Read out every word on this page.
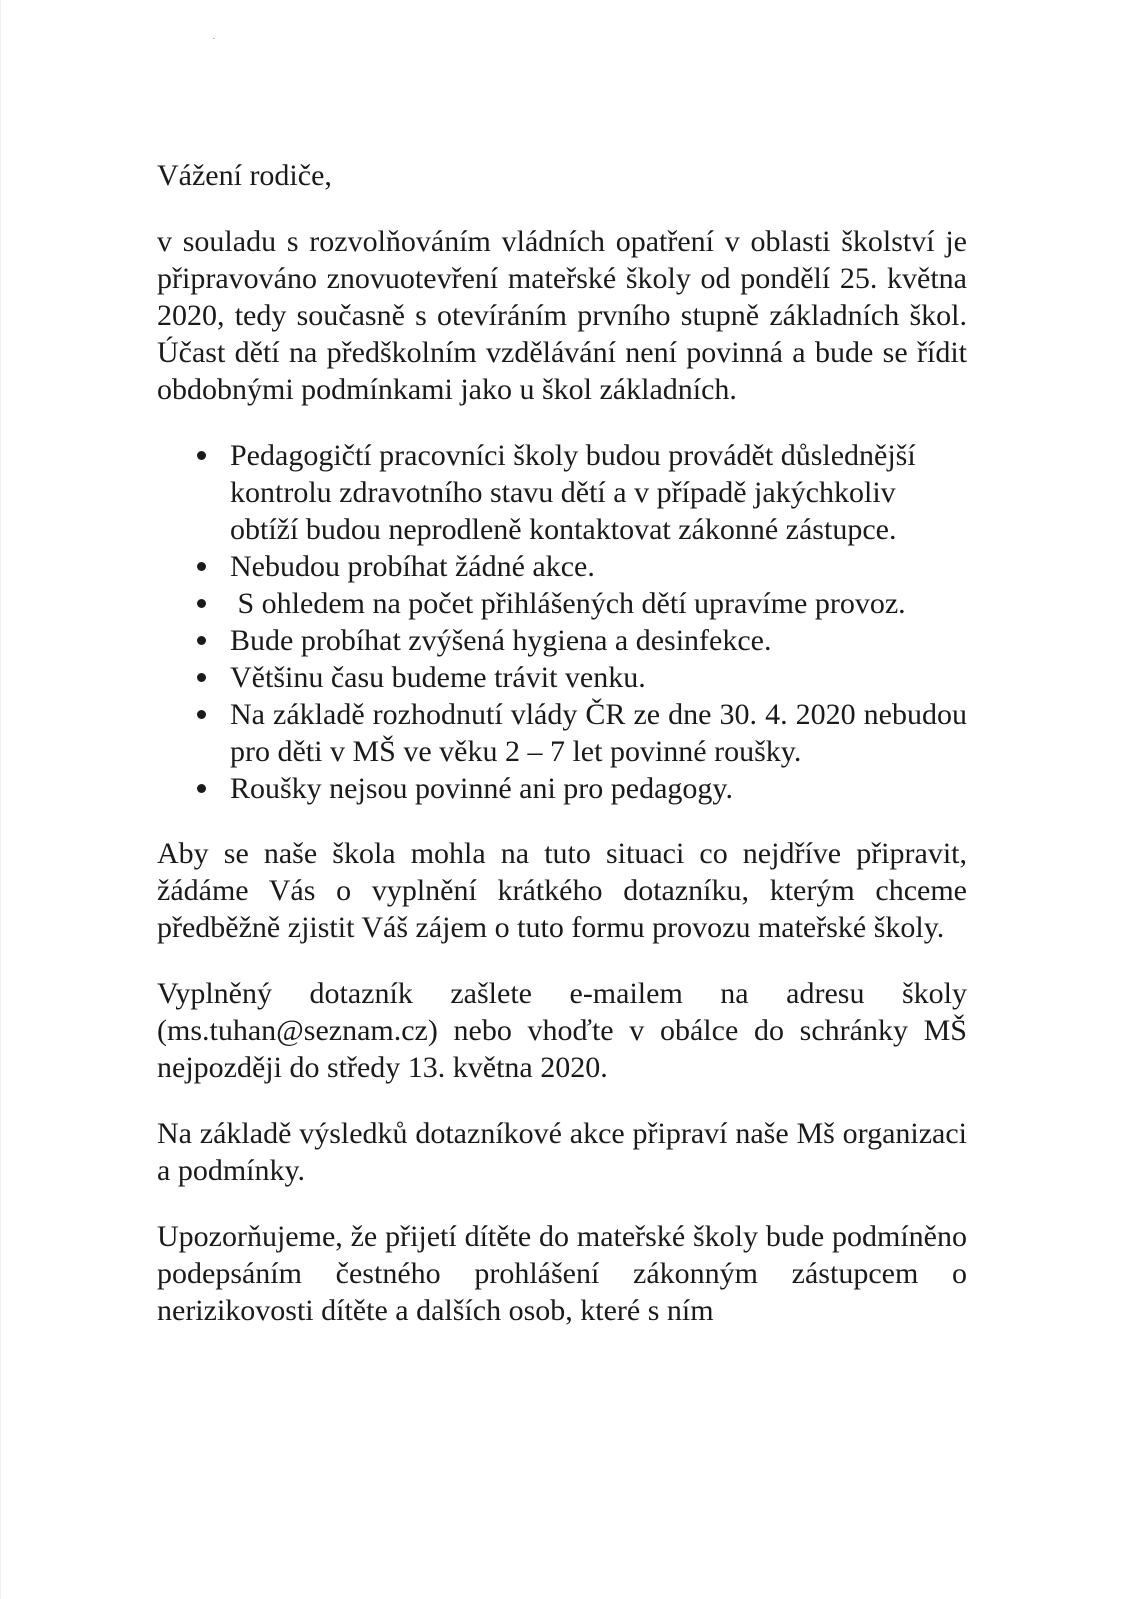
Vážení rodiče,

v souladu s rozvolňováním vládních opatření v oblasti školství je připravováno znovuotevření mateřské školy od pondělí 25. května 2020, tedy současně s otevíráním prvního stupně základních škol. Účast dětí na předškolním vzdělávání není povinná a bude se řídit obdobnými podmínkami jako u škol základních.

Pedagogičtí pracovníci školy budou provádět důslednější kontrolu zdravotního stavu dětí a v případě jakýchkoliv obtíží budou neprodleně kontaktovat zákonné zástupce.
Nebudou probíhat žádné akce.
S ohledem na počet přihlášených dětí upravíme provoz.
Bude probíhat zvýšená hygiena a desinfekce.
Většinu času budeme trávit venku.
Na základě rozhodnutí vlády ČR ze dne 30. 4. 2020 nebudou pro děti v MŠ ve věku 2 – 7 let povinné roušky.
Roušky nejsou povinné ani pro pedagogy.

Aby se naše škola mohla na tuto situaci co nejdříve připravit, žádáme Vás o vyplnění krátkého dotazníku, kterým chceme předběžně zjistit Váš zájem o tuto formu provozu mateřské školy.

Vyplněný dotazník zašlete e-mailem na adresu školy (ms.tuhan@seznam.cz) nebo vhoďte v obálce do schránky MŠ nejpozději do středy 13. května 2020.

Na základě výsledků dotazníkové akce připraví naše Mš organizaci a podmínky.

Upozorňujeme, že přijetí dítěte do mateřské školy bude podmíněno podepsáním čestného prohlášení zákonným zástupcem o nerizikovosti dítěte a dalších osob, které s ním
